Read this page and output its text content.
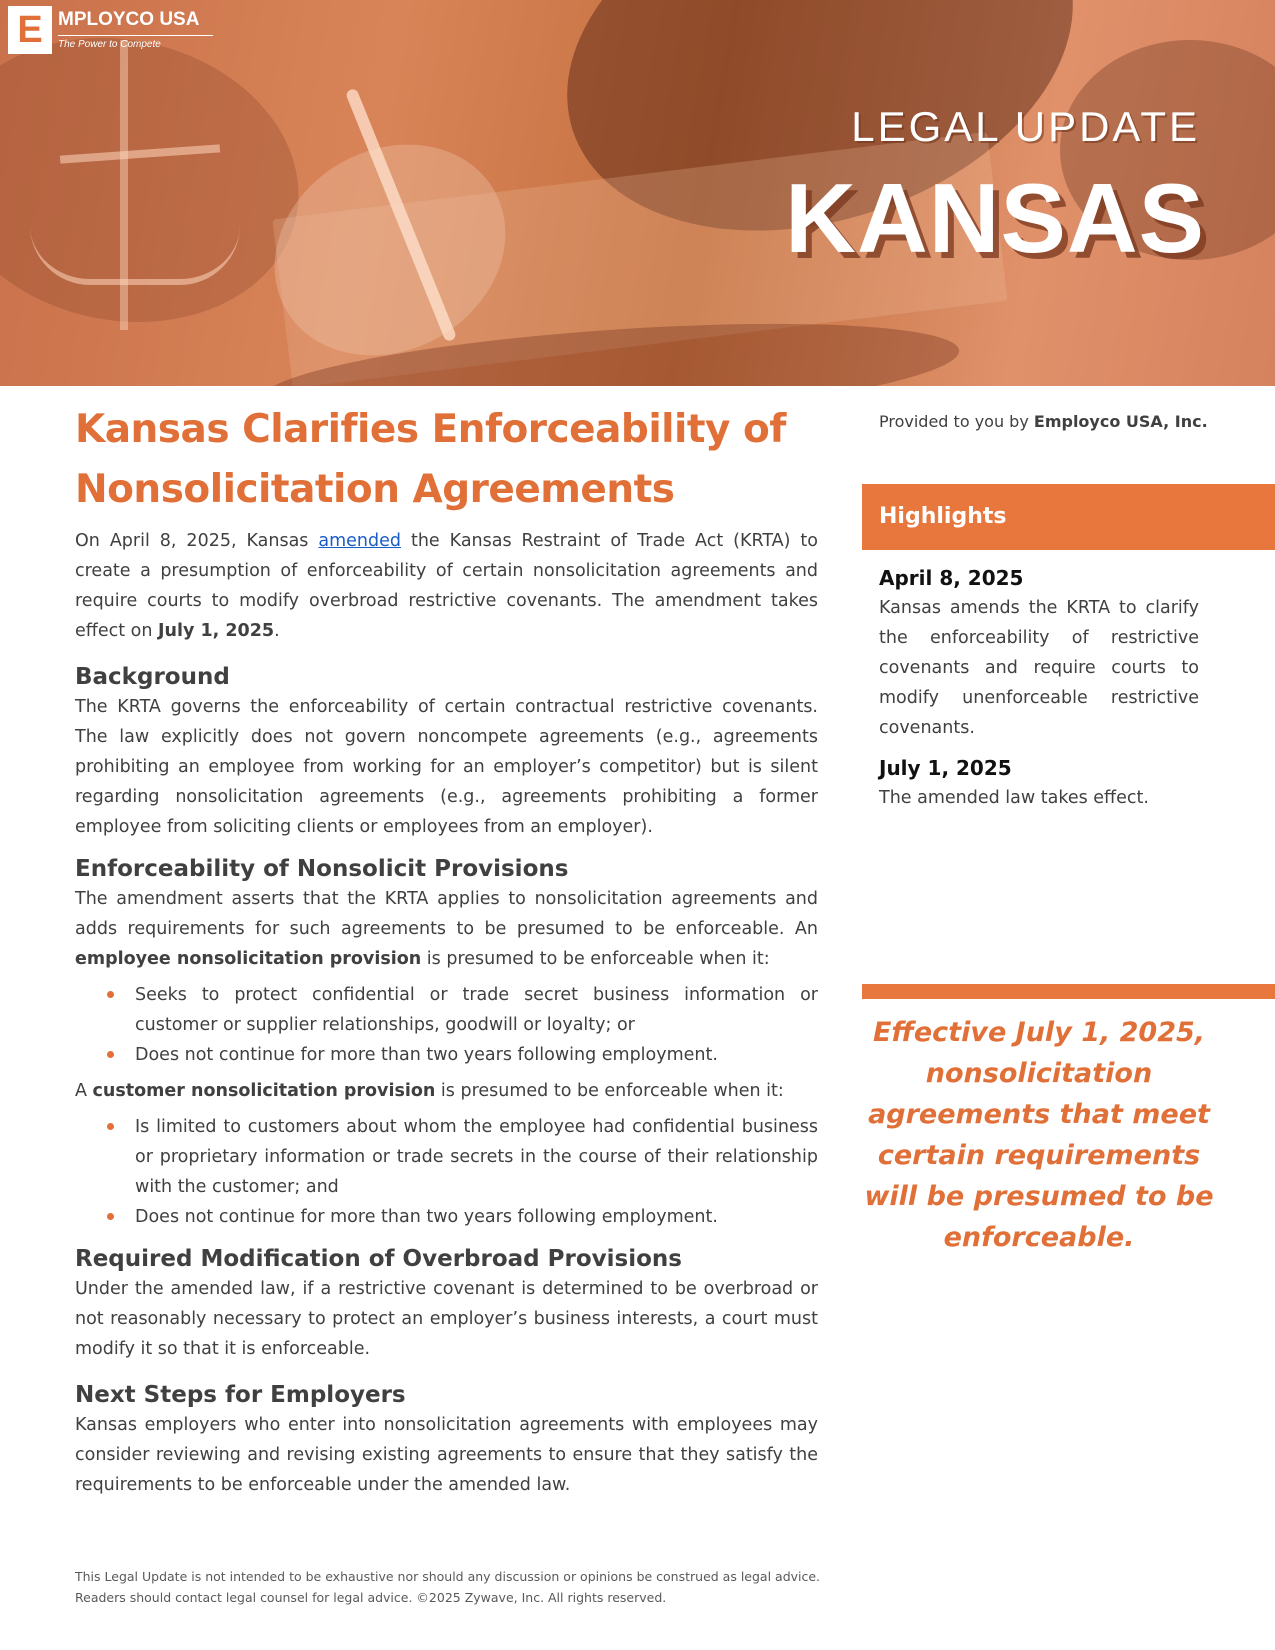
E MPLOYCO USA
The Power to Compete
LEGAL UPDATE
KANSAS
Kansas Clarifies Enforceability of Nonsolicitation Agreements

On April 8, 2025, Kansas amended the Kansas Restraint of Trade Act (KRTA) to create a presumption of enforceability of certain nonsolicitation agreements and require courts to modify overbroad restrictive covenants. The amendment takes effect on July 1, 2025.

Background

The KRTA governs the enforceability of certain contractual restrictive covenants. The law explicitly does not govern noncompete agreements (e.g., agreements prohibiting an employee from working for an employer’s competitor) but is silent regarding nonsolicitation agreements (e.g., agreements prohibiting a former employee from soliciting clients or employees from an employer).

Enforceability of Nonsolicit Provisions

The amendment asserts that the KRTA applies to nonsolicitation agreements and adds requirements for such agreements to be presumed to be enforceable. An employee nonsolicitation provision is presumed to be enforceable when it:

Seeks to protect confidential or trade secret business information or customer or supplier relationships, goodwill or loyalty; or
Does not continue for more than two years following employment.

A customer nonsolicitation provision is presumed to be enforceable when it:

Is limited to customers about whom the employee had confidential business or proprietary information or trade secrets in the course of their relationship with the customer; and
Does not continue for more than two years following employment.
Required Modification of Overbroad Provisions

Under the amended law, if a restrictive covenant is determined to be overbroad or not reasonably necessary to protect an employer’s business interests, a court must modify it so that it is enforceable.

Next Steps for Employers

Kansas employers who enter into nonsolicitation agreements with employees may consider reviewing and revising existing agreements to ensure that they satisfy the requirements to be enforceable under the amended law.

This Legal Update is not intended to be exhaustive nor should any discussion or opinions be construed as legal advice. Readers should contact legal counsel for legal advice. ©2025 Zywave, Inc. All rights reserved.
Provided to you by Employco USA, Inc.
Highlights
April 8, 2025
Kansas amends the KRTA to clarify the enforceability of restrictive covenants and require courts to modify unenforceable restrictive covenants.
July 1, 2025
The amended law takes effect.
Effective July 1, 2025, nonsolicitation agreements that meet certain requirements will be presumed to be enforceable.
